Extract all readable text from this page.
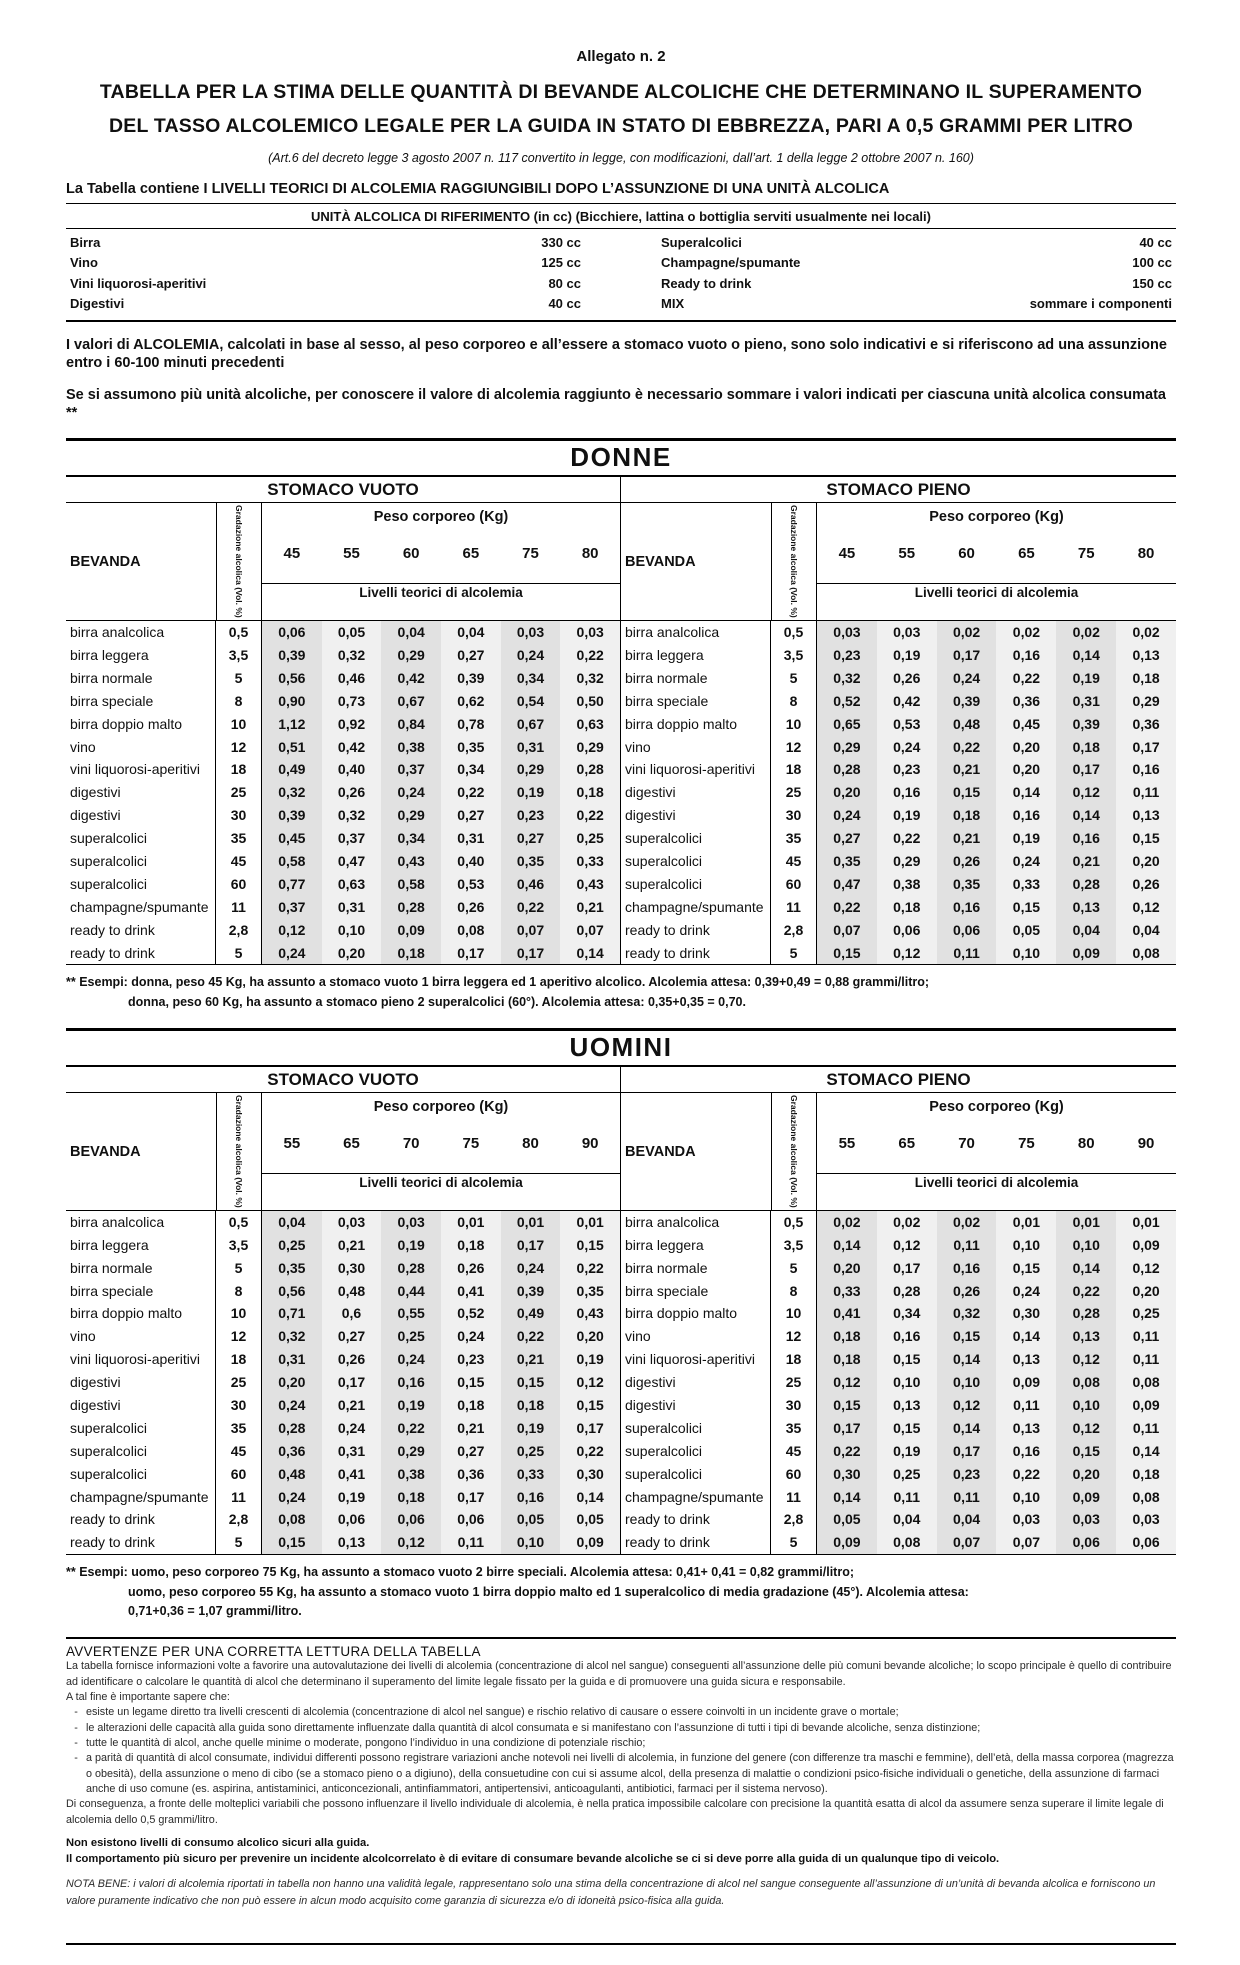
Allegato n. 2
TABELLA PER LA STIMA DELLE QUANTITÀ DI BEVANDE ALCOLICHE CHE DETERMINANO IL SUPERAMENTO
DEL TASSO ALCOLEMICO LEGALE PER LA GUIDA IN STATO DI EBBREZZA, PARI A 0,5 GRAMMI PER LITRO
(Art.6 del decreto legge 3 agosto 2007 n. 117 convertito in legge, con modificazioni, dall’art. 1 della legge 2 ottobre 2007 n. 160)
La Tabella contiene I LIVELLI TEORICI DI ALCOLEMIA RAGGIUNGIBILI DOPO L’ASSUNZIONE DI UNA UNITÀ ALCOLICA
UNITÀ ALCOLICA DI RIFERIMENTO (in cc) (Bicchiere, lattina o bottiglia serviti usualmente nei locali)
Birra	330 cc
Vino	125 cc
Vini liquorosi-aperitivi	80 cc
Digestivi	40 cc
Superalcolici	40 cc
Champagne/spumante	100 cc
Ready to drink	150 cc
MIX	sommare i componenti
I valori di ALCOLEMIA, calcolati in base al sesso, al peso corporeo e all’essere a stomaco vuoto o pieno, sono solo indicativi e si riferiscono ad una assunzione entro i 60-100 minuti precedenti
Se si assumono più unità alcoliche, per conoscere il valore di alcolemia raggiunto è necessario sommare i valori indicati per ciascuna unità alcolica consumata **
DONNE
STOMACO VUOTO
BEVANDA	Gradazione alcolica (Vol. %)	Peso corporeo (Kg)
45	55	60	65	75	80
Livelli teorici di alcolemia
birra analcolica	0,5	0,06	0,05	0,04	0,04	0,03	0,03
birra leggera	3,5	0,39	0,32	0,29	0,27	0,24	0,22
birra normale	5	0,56	0,46	0,42	0,39	0,34	0,32
birra speciale	8	0,90	0,73	0,67	0,62	0,54	0,50
birra doppio malto	10	1,12	0,92	0,84	0,78	0,67	0,63
vino	12	0,51	0,42	0,38	0,35	0,31	0,29
vini liquorosi-aperitivi	18	0,49	0,40	0,37	0,34	0,29	0,28
digestivi	25	0,32	0,26	0,24	0,22	0,19	0,18
digestivi	30	0,39	0,32	0,29	0,27	0,23	0,22
superalcolici	35	0,45	0,37	0,34	0,31	0,27	0,25
superalcolici	45	0,58	0,47	0,43	0,40	0,35	0,33
superalcolici	60	0,77	0,63	0,58	0,53	0,46	0,43
champagne/spumante	11	0,37	0,31	0,28	0,26	0,22	0,21
ready to drink	2,8	0,12	0,10	0,09	0,08	0,07	0,07
ready to drink	5	0,24	0,20	0,18	0,17	0,17	0,14
STOMACO PIENO
BEVANDA	Gradazione alcolica (Vol. %)	Peso corporeo (Kg)
45	55	60	65	75	80
Livelli teorici di alcolemia
birra analcolica	0,5	0,03	0,03	0,02	0,02	0,02	0,02
birra leggera	3,5	0,23	0,19	0,17	0,16	0,14	0,13
birra normale	5	0,32	0,26	0,24	0,22	0,19	0,18
birra speciale	8	0,52	0,42	0,39	0,36	0,31	0,29
birra doppio malto	10	0,65	0,53	0,48	0,45	0,39	0,36
vino	12	0,29	0,24	0,22	0,20	0,18	0,17
vini liquorosi-aperitivi	18	0,28	0,23	0,21	0,20	0,17	0,16
digestivi	25	0,20	0,16	0,15	0,14	0,12	0,11
digestivi	30	0,24	0,19	0,18	0,16	0,14	0,13
superalcolici	35	0,27	0,22	0,21	0,19	0,16	0,15
superalcolici	45	0,35	0,29	0,26	0,24	0,21	0,20
superalcolici	60	0,47	0,38	0,35	0,33	0,28	0,26
champagne/spumante	11	0,22	0,18	0,16	0,15	0,13	0,12
ready to drink	2,8	0,07	0,06	0,06	0,05	0,04	0,04
ready to drink	5	0,15	0,12	0,11	0,10	0,09	0,08
** Esempi: donna, peso 45 Kg, ha assunto a stomaco vuoto 1 birra leggera ed 1 aperitivo alcolico. Alcolemia attesa: 0,39+0,49 = 0,88 grammi/litro;
donna, peso 60 Kg, ha assunto a stomaco pieno 2 superalcolici (60°). Alcolemia attesa: 0,35+0,35 = 0,70.
UOMINI
STOMACO VUOTO
BEVANDA	Gradazione alcolica (Vol. %)	Peso corporeo (Kg)
55	65	70	75	80	90
Livelli teorici di alcolemia
birra analcolica	0,5	0,04	0,03	0,03	0,01	0,01	0,01
birra leggera	3,5	0,25	0,21	0,19	0,18	0,17	0,15
birra normale	5	0,35	0,30	0,28	0,26	0,24	0,22
birra speciale	8	0,56	0,48	0,44	0,41	0,39	0,35
birra doppio malto	10	0,71	0,6	0,55	0,52	0,49	0,43
vino	12	0,32	0,27	0,25	0,24	0,22	0,20
vini liquorosi-aperitivi	18	0,31	0,26	0,24	0,23	0,21	0,19
digestivi	25	0,20	0,17	0,16	0,15	0,15	0,12
digestivi	30	0,24	0,21	0,19	0,18	0,18	0,15
superalcolici	35	0,28	0,24	0,22	0,21	0,19	0,17
superalcolici	45	0,36	0,31	0,29	0,27	0,25	0,22
superalcolici	60	0,48	0,41	0,38	0,36	0,33	0,30
champagne/spumante	11	0,24	0,19	0,18	0,17	0,16	0,14
ready to drink	2,8	0,08	0,06	0,06	0,06	0,05	0,05
ready to drink	5	0,15	0,13	0,12	0,11	0,10	0,09
STOMACO PIENO
BEVANDA	Gradazione alcolica (Vol. %)	Peso corporeo (Kg)
55	65	70	75	80	90
Livelli teorici di alcolemia
birra analcolica	0,5	0,02	0,02	0,02	0,01	0,01	0,01
birra leggera	3,5	0,14	0,12	0,11	0,10	0,10	0,09
birra normale	5	0,20	0,17	0,16	0,15	0,14	0,12
birra speciale	8	0,33	0,28	0,26	0,24	0,22	0,20
birra doppio malto	10	0,41	0,34	0,32	0,30	0,28	0,25
vino	12	0,18	0,16	0,15	0,14	0,13	0,11
vini liquorosi-aperitivi	18	0,18	0,15	0,14	0,13	0,12	0,11
digestivi	25	0,12	0,10	0,10	0,09	0,08	0,08
digestivi	30	0,15	0,13	0,12	0,11	0,10	0,09
superalcolici	35	0,17	0,15	0,14	0,13	0,12	0,11
superalcolici	45	0,22	0,19	0,17	0,16	0,15	0,14
superalcolici	60	0,30	0,25	0,23	0,22	0,20	0,18
champagne/spumante	11	0,14	0,11	0,11	0,10	0,09	0,08
ready to drink	2,8	0,05	0,04	0,04	0,03	0,03	0,03
ready to drink	5	0,09	0,08	0,07	0,07	0,06	0,06
** Esempi: uomo, peso corporeo 75 Kg, ha assunto a stomaco vuoto 2 birre speciali. Alcolemia attesa: 0,41+ 0,41 = 0,82 grammi/litro;
uomo, peso corporeo 55 Kg, ha assunto a stomaco vuoto 1 birra doppio malto ed 1 superalcolico di media gradazione (45°). Alcolemia attesa:
0,71+0,36 = 1,07 grammi/litro.
AVVERTENZE PER UNA CORRETTA LETTURA DELLA TABELLA
La tabella fornisce informazioni volte a favorire una autovalutazione dei livelli di alcolemia (concentrazione di alcol nel sangue) conseguenti all’assunzione delle più comuni bevande alcoliche; lo scopo principale è quello di contribuire ad identificare o calcolare le quantità di alcol che determinano il superamento del limite legale fissato per la guida e di promuovere una guida sicura e responsabile.
A tal fine è importante sapere che:
- esiste un legame diretto tra livelli crescenti di alcolemia (concentrazione di alcol nel sangue) e rischio relativo di causare o essere coinvolti in un incidente grave o mortale;
- le alterazioni delle capacità alla guida sono direttamente influenzate dalla quantità di alcol consumata e si manifestano con l’assunzione di tutti i tipi di bevande alcoliche, senza distinzione;
- tutte le quantità di alcol, anche quelle minime o moderate, pongono l’individuo in una condizione di potenziale rischio;
- a parità di quantità di alcol consumate, individui differenti possono registrare variazioni anche notevoli nei livelli di alcolemia, in funzione del genere (con differenze tra maschi e femmine), dell’età, della massa corporea (magrezza o obesità), della assunzione o meno di cibo (se a stomaco pieno o a digiuno), della consuetudine con cui si assume alcol, della presenza di malattie o condizioni psico-fisiche individuali o genetiche, della assunzione di farmaci anche di uso comune (es. aspirina, antistaminici, anticoncezionali, antinfiammatori, antipertensivi, anticoagulanti, antibiotici, farmaci per il sistema nervoso).
Di conseguenza, a fronte delle molteplici variabili che possono influenzare il livello individuale di alcolemia, è nella pratica impossibile calcolare con precisione la quantità esatta di alcol da assumere senza superare il limite legale di alcolemia dello 0,5 grammi/litro.
Non esistono livelli di consumo alcolico sicuri alla guida.
Il comportamento più sicuro per prevenire un incidente alcolcorrelato è di evitare di consumare bevande alcoliche se ci si deve porre alla guida di un qualunque tipo di veicolo.
NOTA BENE: i valori di alcolemia riportati in tabella non hanno una validità legale, rappresentano solo una stima della concentrazione di alcol nel sangue conseguente all’assunzione di un’unità di bevanda alcolica e forniscono un valore puramente indicativo che non può essere in alcun modo acquisito come garanzia di sicurezza e/o di idoneità psico-fisica alla guida.
